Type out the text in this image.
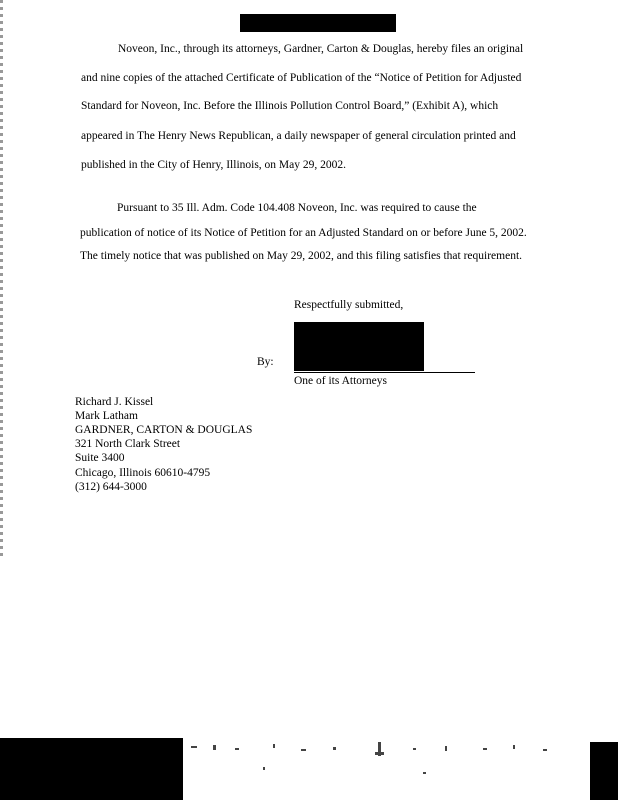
Noveon, Inc., through its attorneys, Gardner, Carton & Douglas, hereby files an original
and nine copies of the attached Certificate of Publication of the “Notice of Petition for Adjusted
Standard for Noveon, Inc. Before the Illinois Pollution Control Board,” (Exhibit A), which
appeared in The Henry News Republican, a daily newspaper of general circulation printed and
published in the City of Henry, Illinois, on May 29, 2002.
Pursuant to 35 Ill. Adm. Code 104.408 Noveon, Inc. was required to cause the
publication of notice of its Notice of Petition for an Adjusted Standard on or before June 5, 2002.
The timely notice that was published on May 29, 2002, and this filing satisfies that requirement.
Respectfully submitted,
By:
One of its Attorneys
Richard J. Kissel
Mark Latham
GARDNER, CARTON & DOUGLAS
321 North Clark Street
Suite 3400
Chicago, Illinois 60610-4795
(312) 644-3000
